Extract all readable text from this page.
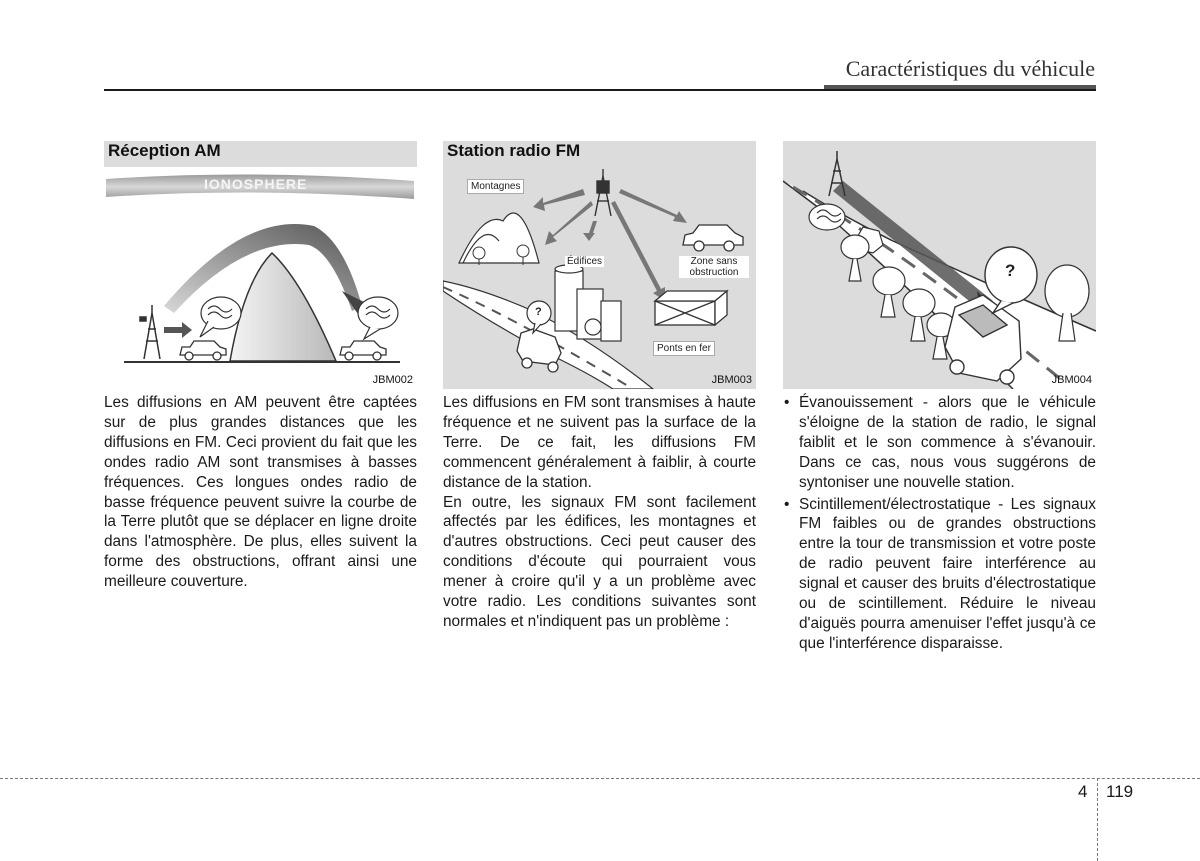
Caractéristiques du véhicule
Réception AM
IONOSPHERE
JBM002
Station radio FM
Montagnes
Édifices	Zone sans obstruction
Ponts en fer
?
JBM003
?
JBM004

Les diffusions en AM peuvent être captées sur de plus grandes distances que les diffusions en FM. Ceci provient du fait que les ondes radio AM sont transmises à basses fréquences. Ces longues ondes radio de basse fréquence peuvent suivre la courbe de la Terre plutôt que se déplacer en ligne droite dans l'atmosphère. De plus, elles suivent la forme des obstructions, offrant ainsi une meilleure couverture.

Les diffusions en FM sont transmises à haute fréquence et ne suivent pas la surface de la Terre. De ce fait, les diffusions FM commencent généralement à faiblir, à courte distance de la station.

En outre, les signaux FM sont facilement affectés par les édifices, les montagnes et d'autres obstructions. Ceci peut causer des conditions d'écoute qui pourraient vous mener à croire qu'il y a un problème avec votre radio. Les conditions suivantes sont normales et n'indiquent pas un problème :

• Évanouissement - alors que le véhicule s'éloigne de la station de radio, le signal faiblit et le son commence à s'évanouir. Dans ce cas, nous vous suggérons de syntoniser une nouvelle station.
• Scintillement/électrostatique - Les signaux FM faibles ou de grandes obstructions entre la tour de transmission et votre poste de radio peuvent faire interférence au signal et causer des bruits d'électrostatique ou de scintillement. Réduire le niveau d'aiguës pourra amenuiser l'effet jusqu'à ce que l'interférence disparaisse.
4 119
